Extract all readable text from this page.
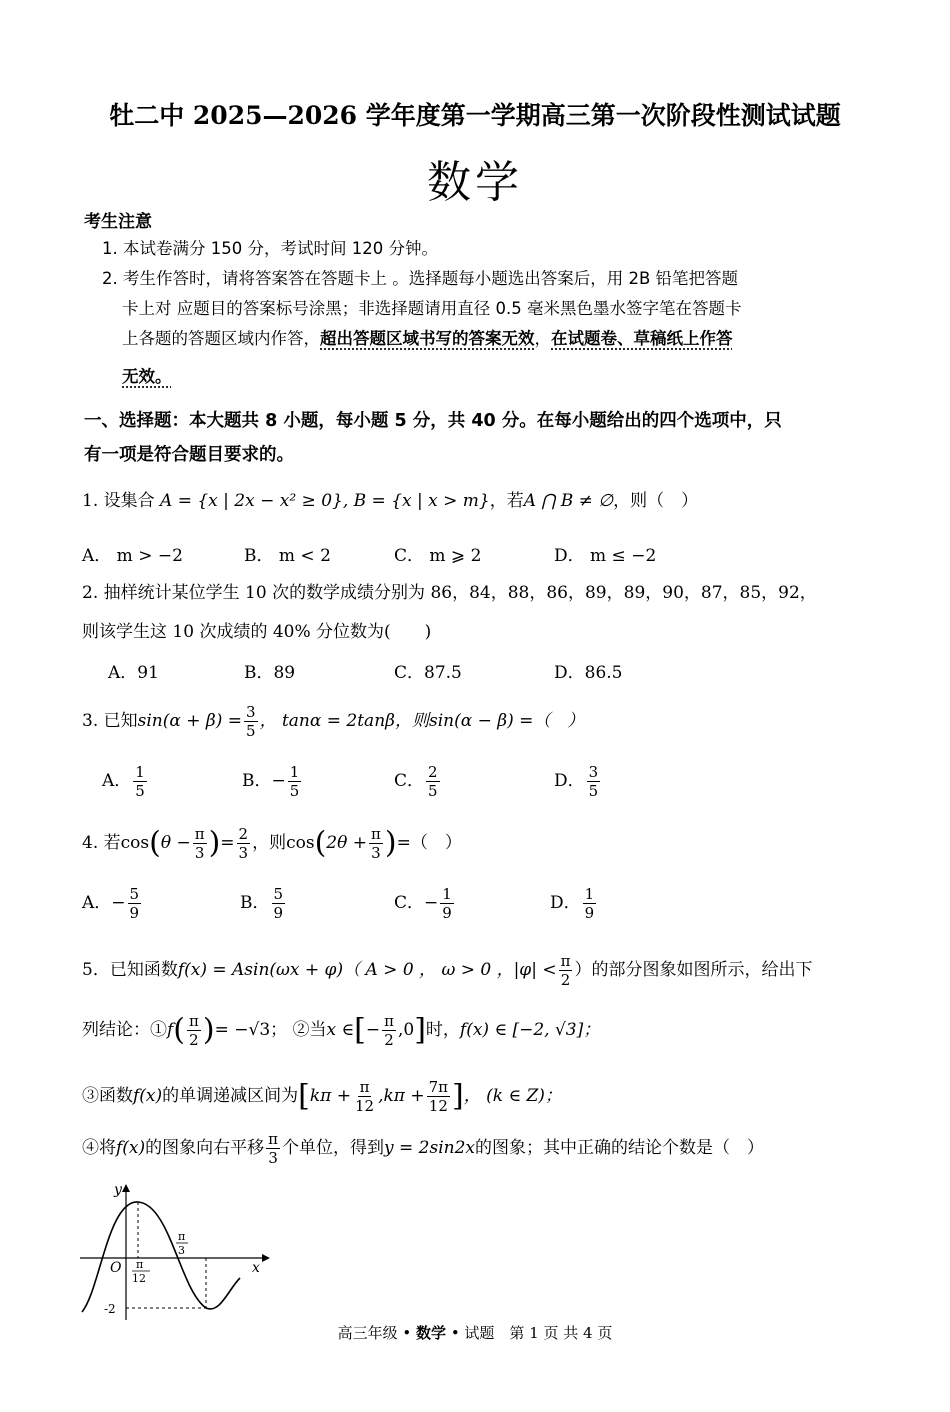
牡二中 2025—2026 学年度第一学期高三第一次阶段性测试试题
数学
考生注意
1. 本试卷满分 150 分，考试时间 120 分钟。
2. 考生作答时，请将答案答在答题卡上 。选择题每小题选出答案后，用 2B 铅笔把答题
卡上对 应题目的答案标号涂黑；非选择题请用直径 0.5 毫米黑色墨水签字笔在答题卡
上各题的答题区域内作答，超出答题区域书写的答案无效，在试题卷、草稿纸上作答
无效。
一、选择题：本大题共 8 小题，每小题 5 分，共 40 分。在每小题给出的四个选项中，只
有一项是符合题目要求的。
1. 设集合 A = {x | 2x − x² ≥ 0}, B = {x | x > m}，若A ⋂ B ≠ ∅，则（　）
A． m > −2	B． m < 2	C． m ⩾ 2	D． m ≤ −2
2. 抽样统计某位学生 10 次的数学成绩分别为 86，84，88，86，89，89，90，87，85，92，
则该学生这 10 次成绩的 40% 分位数为(　　)
A．91	B．89	C．87.5	D．86.5
3. 已知$\sin(\alpha + \beta) = \frac{3}{5}$ ， tanα = 2tanβ，则sin(α − β) =（　）
A． $\frac{1}{5}$	B．− $\frac{1}{5}$	C． $\frac{2}{5}$	D． $\frac{3}{5}$
4. 若$\cos(\theta - \frac{\pi}{3}$ )= $\frac{2}{3}$ ，则$\cos(2\theta + \frac{\pi}{3}$ )=（　）
A．− $\frac{5}{9}$	B． $\frac{5}{9}$	C．− $\frac{1}{9}$	D． $\frac{1}{9}$
5．已知函数f(x) = Asin(ωx + φ)（ A > 0 ， ω > 0 ，$|\varphi| < \frac{\pi}{2}$ ）的部分图象如图所示，给出下
列结论：①f( $\frac{\pi}{2}$ )= −√3； ②当x ∈[− $\frac{\pi}{2} ,0$]时，f(x) ∈ [−2, √3]；
③函数f(x)的单调递减区间为[$k\pi + \frac{\pi}{12} ,k\pi + \frac{7\pi}{12}$ ]， (k ∈ Z)；
④将f(x)的图象向右平移 $\frac{\pi}{3}$ 个单位，得到y = 2sin2x的图象；其中正确的结论个数是（　）
y
x
O π
12
π
3
-2
高三年级 • 数学 • 试题　第 1 页 共 4 页
